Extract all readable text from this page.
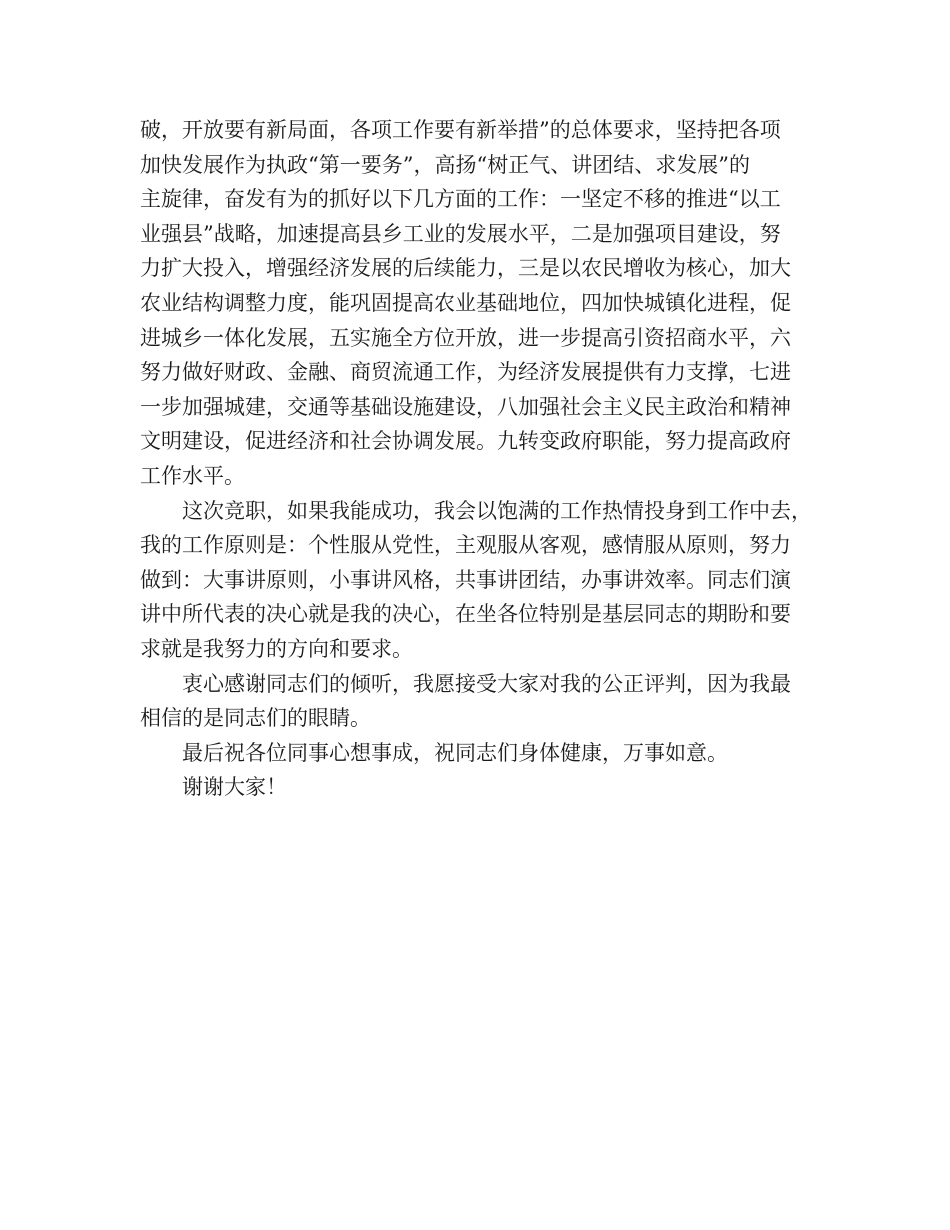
破，开放要有新局面，各项工作要有新举措”的总体要求，坚持把各项
加快发展作为执政“第一要务”，高扬“树正气、讲团结、求发展”的
主旋律，奋发有为的抓好以下几方面的工作：一坚定不移的推进“以工
业强县”战略，加速提高县乡工业的发展水平，二是加强项目建设，努
力扩大投入，增强经济发展的后续能力，三是以农民增收为核心，加大
农业结构调整力度，能巩固提高农业基础地位，四加快城镇化进程，促
进城乡一体化发展，五实施全方位开放，进一步提高引资招商水平，六
努力做好财政、金融、商贸流通工作，为经济发展提供有力支撑，七进
一步加强城建，交通等基础设施建设，八加强社会主义民主政治和精神
文明建设，促进经济和社会协调发展。九转变政府职能，努力提高政府
工作水平。
这次竞职，如果我能成功，我会以饱满的工作热情投身到工作中去，
我的工作原则是：个性服从党性，主观服从客观，感情服从原则，努力
做到：大事讲原则，小事讲风格，共事讲团结，办事讲效率。同志们演
讲中所代表的决心就是我的决心，在坐各位特别是基层同志的期盼和要
求就是我努力的方向和要求。
衷心感谢同志们的倾听，我愿接受大家对我的公正评判，因为我最
相信的是同志们的眼睛。
最后祝各位同事心想事成，祝同志们身体健康，万事如意。
谢谢大家！
